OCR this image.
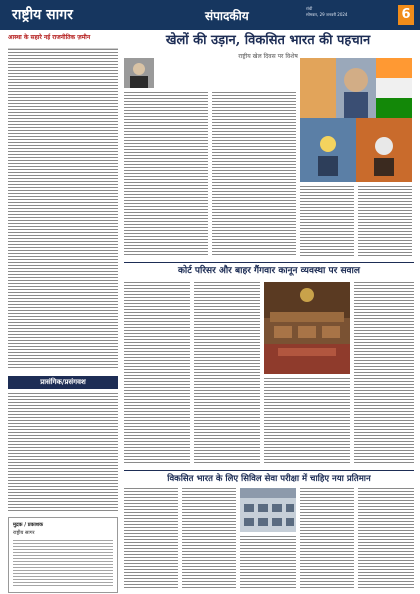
राष्ट्रीय सागर	संपादकीय
रांची
सोमवार, 29 जनवरी 2024	6
आस्था के सहारे नई राजनीतिक ज़मीन
प्रासंगिक/प्रसंगवश
मुद्रक / प्रकाशक
राष्ट्रीय सागर
खेलों की उड़ान, विकसित भारत की पहचान
राष्ट्रीय खेल दिवस पर विशेष
कोर्ट परिसर और बाहर गैंगवार कानून व्यवस्था पर सवाल
विकसित भारत के लिए सिविल सेवा परीक्षा में चाहिए नया प्रतिमान
